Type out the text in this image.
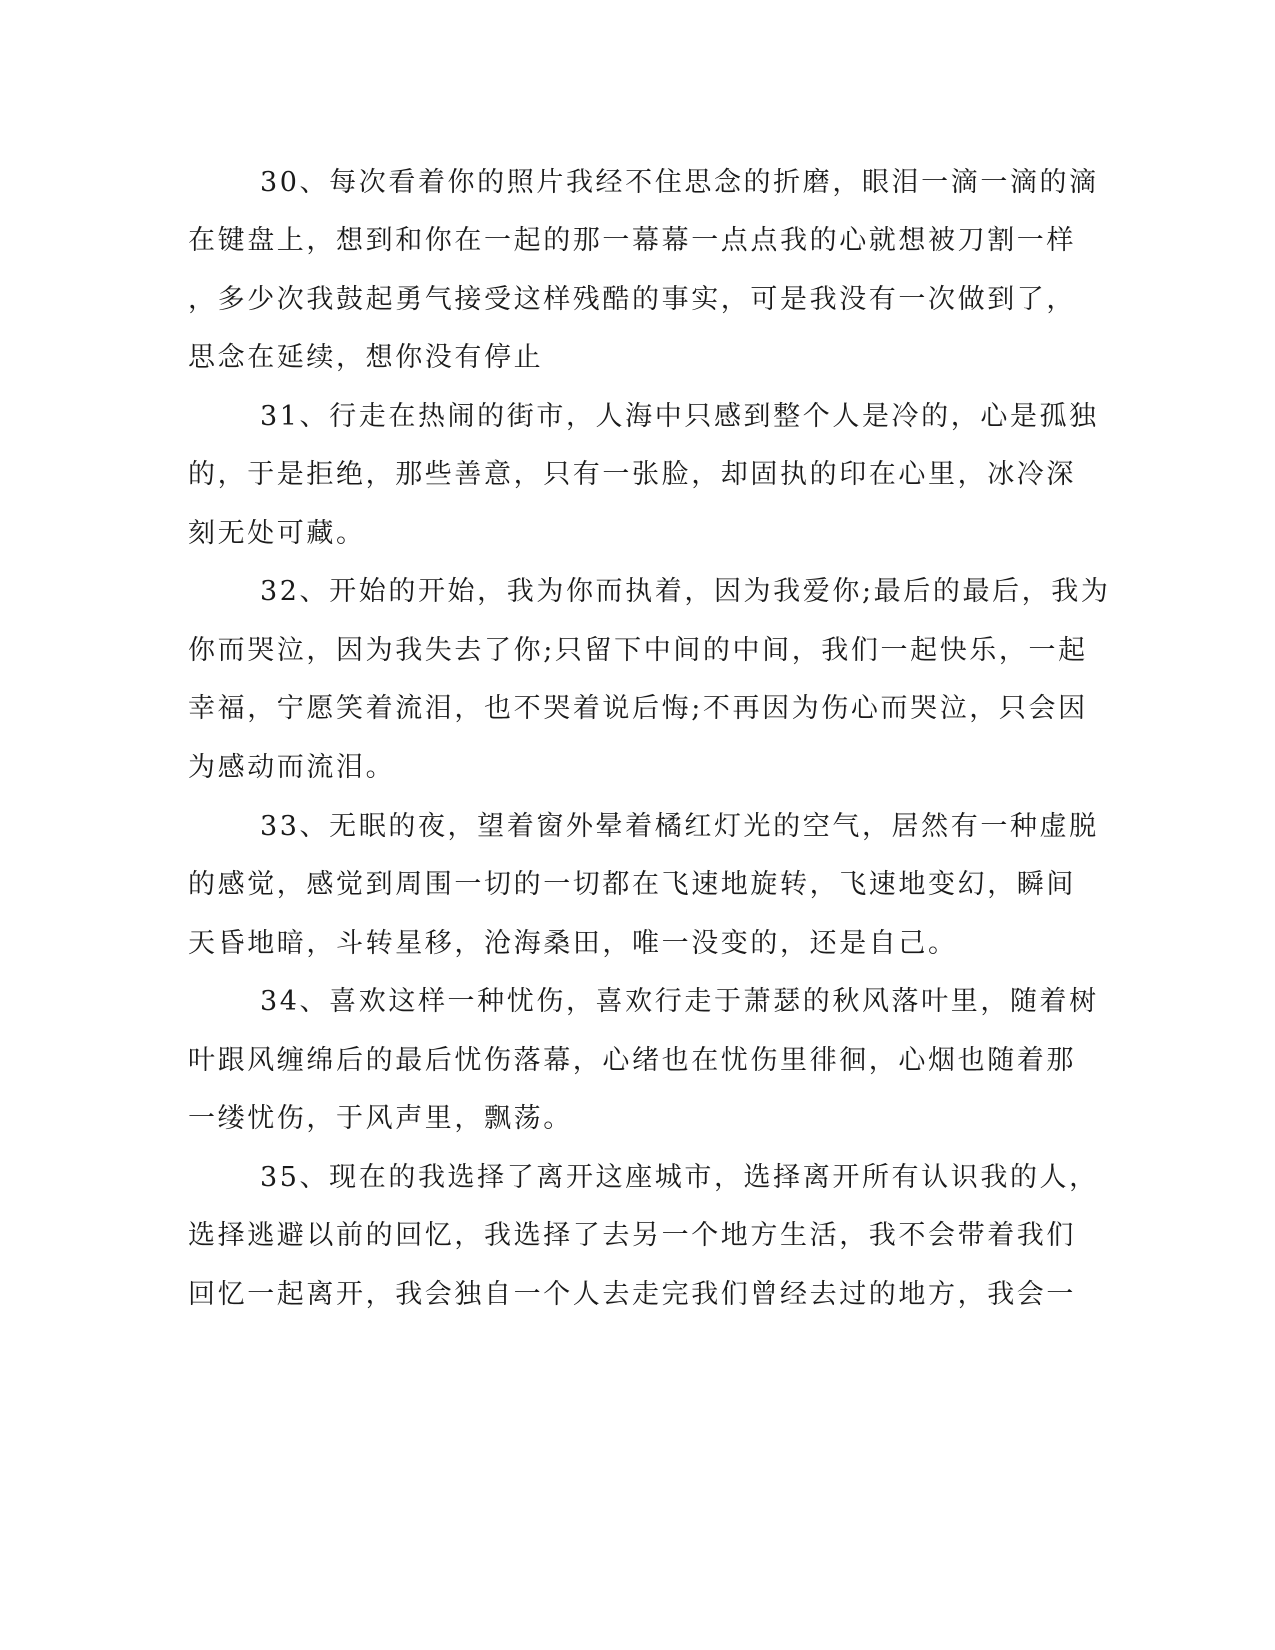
30、每次看着你的照片我经不住思念的折磨，眼泪一滴一滴的滴
在键盘上，想到和你在一起的那一幕幕一点点我的心就想被刀割一样
，多少次我鼓起勇气接受这样残酷的事实，可是我没有一次做到了，
思念在延续，想你没有停止
31、行走在热闹的街市，人海中只感到整个人是冷的，心是孤独
的，于是拒绝，那些善意，只有一张脸，却固执的印在心里，冰冷深
刻无处可藏。
32、开始的开始，我为你而执着，因为我爱你;最后的最后，我为
你而哭泣，因为我失去了你;只留下中间的中间，我们一起快乐，一起
幸福，宁愿笑着流泪，也不哭着说后悔;不再因为伤心而哭泣，只会因
为感动而流泪。
33、无眠的夜，望着窗外晕着橘红灯光的空气，居然有一种虚脱
的感觉，感觉到周围一切的一切都在飞速地旋转，飞速地变幻，瞬间
天昏地暗，斗转星移，沧海桑田，唯一没变的，还是自己。
34、喜欢这样一种忧伤，喜欢行走于萧瑟的秋风落叶里，随着树
叶跟风缠绵后的最后忧伤落幕，心绪也在忧伤里徘徊，心烟也随着那
一缕忧伤，于风声里，飘荡。
35、现在的我选择了离开这座城市，选择离开所有认识我的人，
选择逃避以前的回忆，我选择了去另一个地方生活，我不会带着我们
回忆一起离开，我会独自一个人去走完我们曾经去过的地方，我会一
